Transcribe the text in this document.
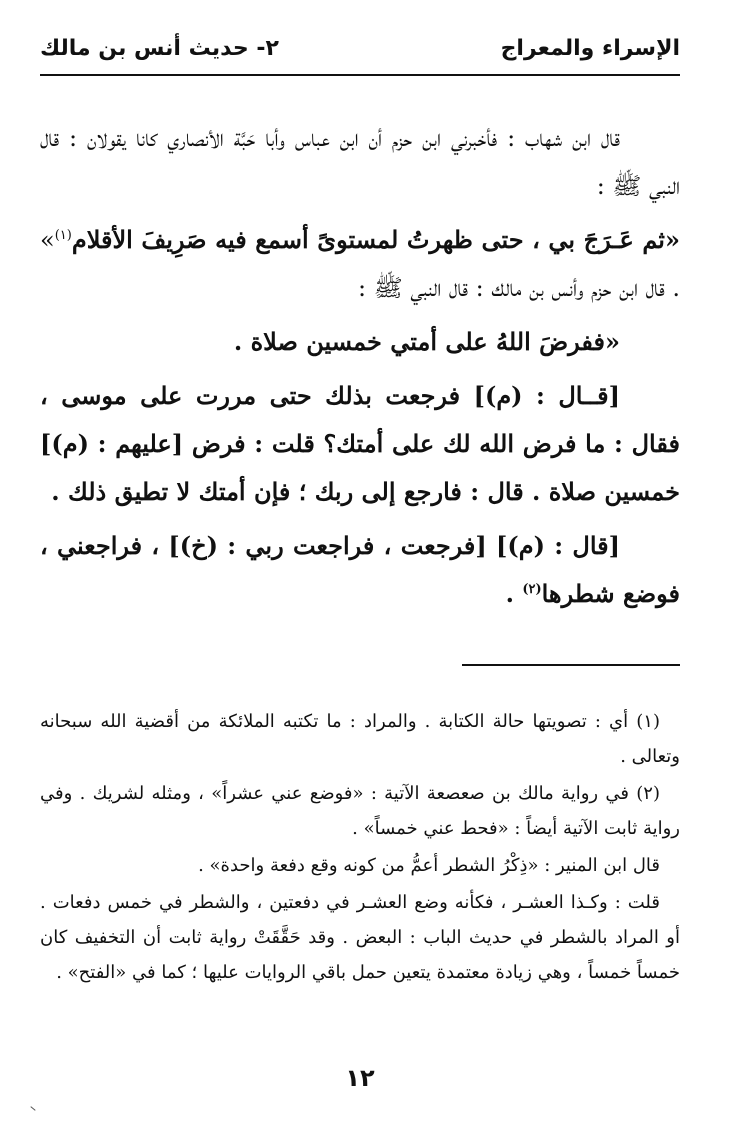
الإسراء والمعراج
٢- حديث أنس بن مالك

قال ابن شهاب : فأخبرني ابن حزم أن ابن عباس وأبا حَبَّة الأنصاري كانا يقولان : قال النبي ﷺ :

«ثم عَـرَجَ بي ، حتى ظهرتُ لمستوىً أسمع فيه صَرِيفَ الأقلام$^{(١)}$» . قال ابن حزم وأنس بن مالك : قال النبي ﷺ :

«ففرضَ اللهُ على أمتي خمسين صلاة .

[قــال : (م)] فرجعت بذلك حتى مررت على موسى ، فقال : ما فرض الله لك على أمتك؟ قلت : فرض [عليهم : (م)] خمسين صلاة . قال : فارجع إلى ربك ؛ فإن أمتك لا تطيق ذلك .

[قال : (م)] [فرجعت ، فراجعت ربي : (خ)] ، فراجعني ، فوضع شطرها$^{(٢)}$ .

(١) أي : تصويتها حالة الكتابة . والمراد : ما تكتبه الملائكة من أقضية الله سبحانه وتعالى .

(٢) في رواية مالك بن صعصعة الآتية : «فوضع عني عشراً» ، ومثله لشريك . وفي رواية ثابت الآتية أيضاً : «فحط عني خمساً» .

قال ابن المنير : «ذِكْرُ الشطر أعمُّ من كونه وقع دفعة واحدة» .

قلت : وكـذا العشـر ، فكأنه وضع العشـر في دفعتين ، والشطر في خمس دفعات . أو المراد بالشطر في حديث الباب : البعض . وقد حَقَّقَتْ رواية ثابت أن التخفيف كان خمساً خمساً ، وهي زيادة معتمدة يتعين حمل باقي الروايات عليها ؛ كما في «الفتح» .

١٢
